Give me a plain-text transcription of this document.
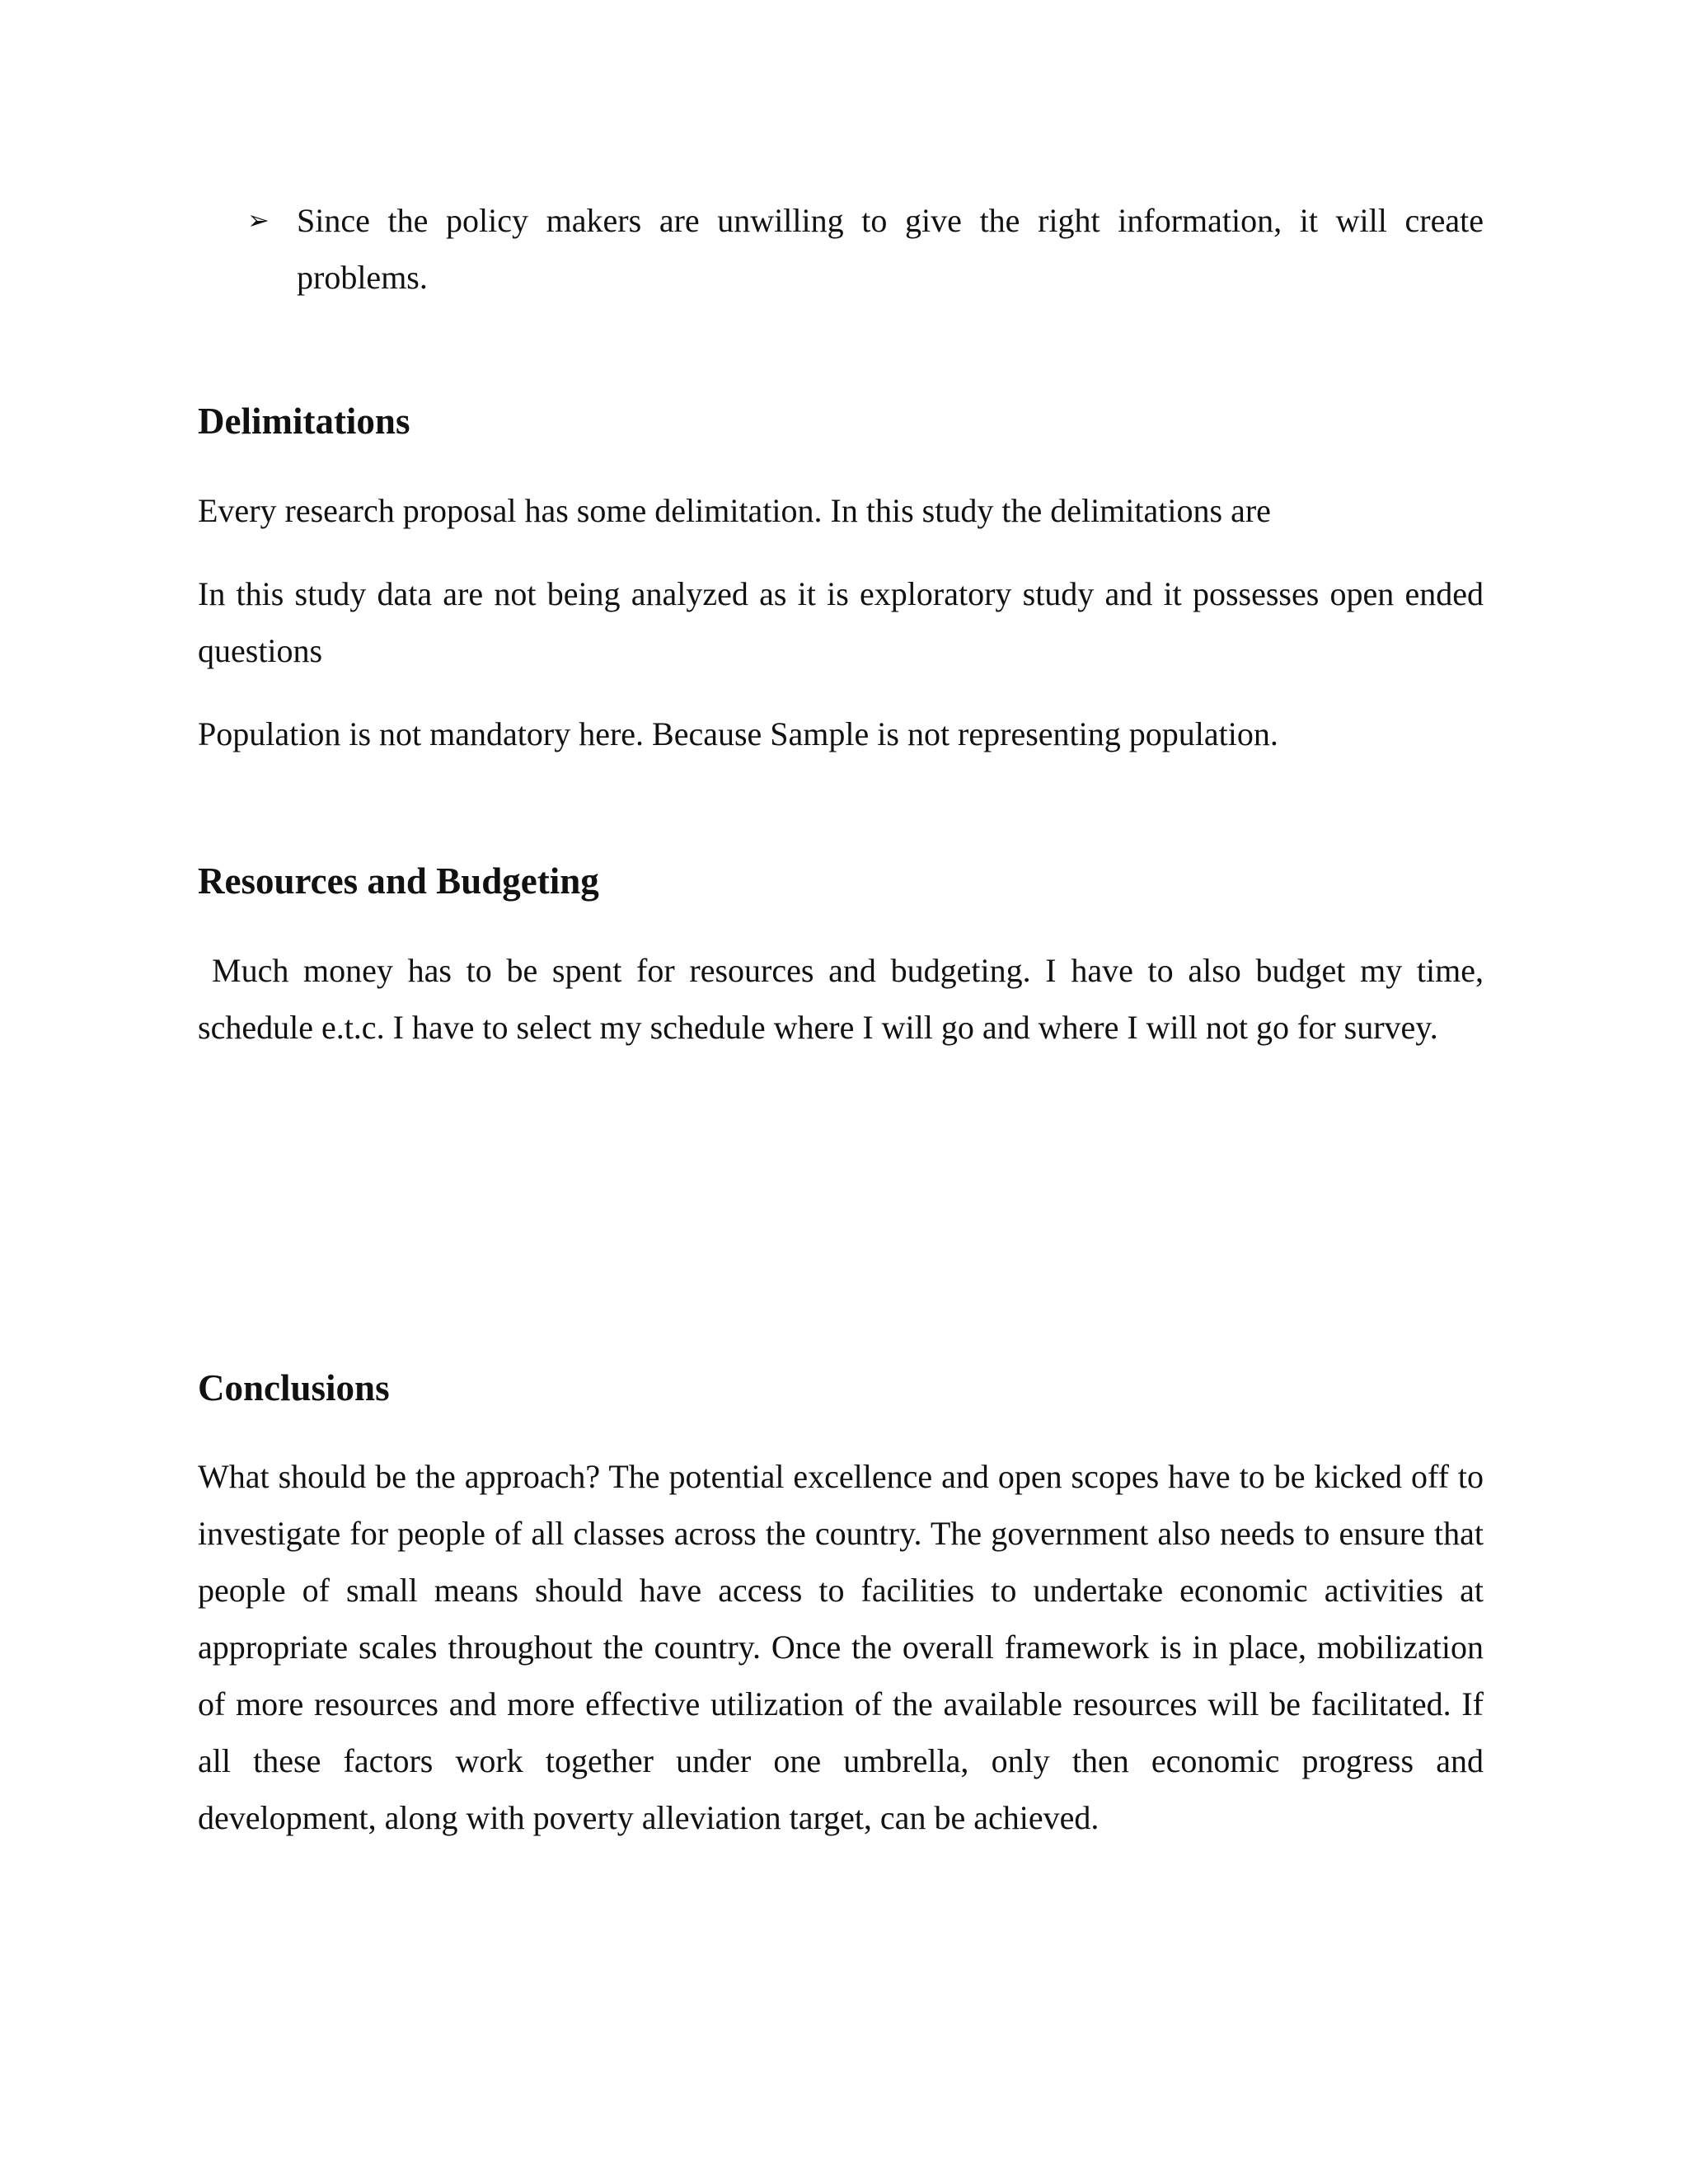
➢ Since the policy makers are unwilling to give the right information, it will create problems.
Delimitations

Every research proposal has some delimitation. In this study the delimitations are

In this study data are not being analyzed as it is exploratory study and it possesses open ended questions

Population is not mandatory here. Because Sample is not representing population.

Resources and Budgeting

Much money has to be spent for resources and budgeting. I have to also budget my time, schedule e.t.c. I have to select my schedule where I will go and where I will not go for survey.

Conclusions

What should be the approach? The potential excellence and open scopes have to be kicked off to investigate for people of all classes across the country. The government also needs to ensure that people of small means should have access to facilities to undertake economic activities at appropriate scales throughout the country. Once the overall framework is in place, mobilization of more resources and more effective utilization of the available resources will be facilitated. If all these factors work together under one umbrella, only then economic progress and development, along with poverty alleviation target, can be achieved.
